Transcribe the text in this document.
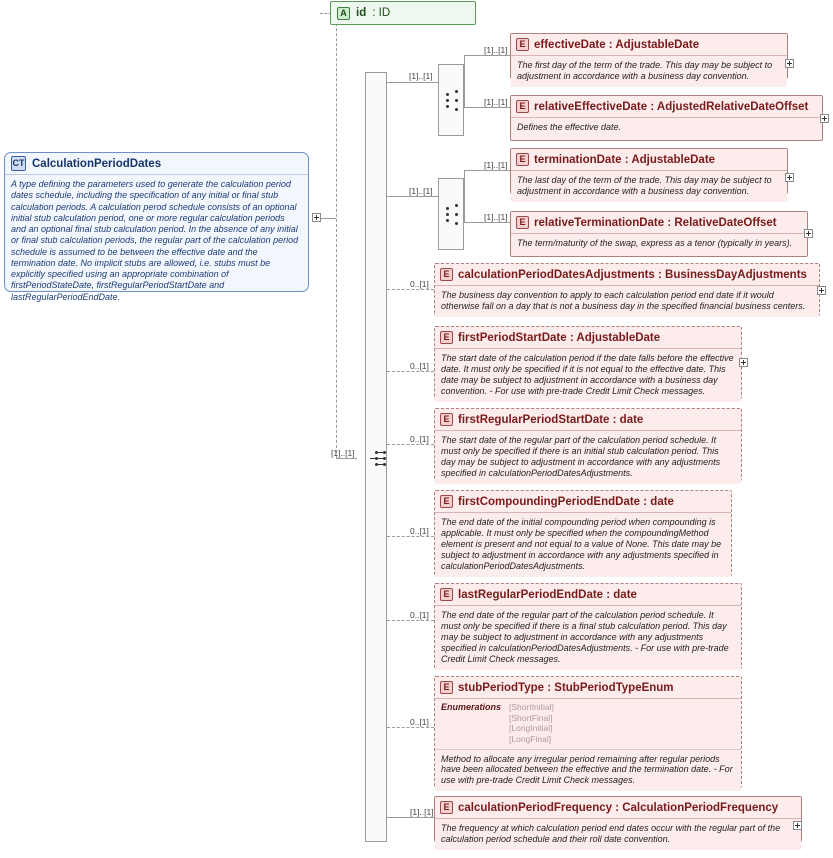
CT CalculationPeriodDates
A type defining the parameters used to generate the calculation period dates schedule, including the specification of any initial or final stub calculation periods. A calculation perod schedule consists of an optional initial stub calculation period, one or more regular calculation periods and an optional final stub calculation period. In the absence of any initial or final stub calculation periods, the regular part of the calculation period schedule is assumed to be between the effective date and the termination date. No implicit stubs are allowed, i.e. stubs must be explicitly specified using an appropriate combination of firstPeriodStateDate, firstRegularPeriodStartDate and lastRegularPeriodEndDate.
A id : ID
[1]..[1]
[1]..[1]
[1]..[1]
[1]..[1]
[1]..[1]
[1]..[1]
[1]..[1]
0..[1]
0..[1]
0..[1]
0..[1]
0..[1]
0..[1]
[1]..[1]
E effectiveDate : AdjustableDate
The first day of the term of the trade. This day may be subject to adjustment in accordance with a business day convention.
E relativeEffectiveDate : AdjustedRelativeDateOffset
Defines the effective date.
E terminationDate : AdjustableDate
The last day of the term of the trade. This day may be subject to adjustment in accordance with a business day convention.
E relativeTerminationDate : RelativeDateOffset
The term/maturity of the swap, express as a tenor (typically in years).
E calculationPeriodDatesAdjustments : BusinessDayAdjustments
The business day convention to apply to each calculation period end date if it would otherwise fall on a day that is not a business day in the specified financial business centers.
E firstPeriodStartDate : AdjustableDate
The start date of the calculation period if the date falls before the effective date. It must only be specified if it is not equal to the effective date. This date may be subject to adjustment in accordance with a business day convention. - For use with pre-trade Credit Limit Check messages.
E firstRegularPeriodStartDate : date
The start date of the regular part of the calculation period schedule. It must only be specified if there is an initial stub calculation period. This day may be subject to adjustment in accordance with any adjustments specified in calculationPeriodDatesAdjustments.
E firstCompoundingPeriodEndDate : date
The end date of the initial compounding period when compounding is applicable. It must only be specified when the compoundingMethod element is present and not equal to a value of None. This date may be subject to adjustment in accordance with any adjustments specified in calculationPeriodDatesAdjustments.
E lastRegularPeriodEndDate : date
The end date of the regular part of the calculation period schedule. It must only be specified if there is a final stub calculation period. This day may be subject to adjustment in accordance with any adjustments specified in calculationPeriodDatesAdjustments. - For use with pre-trade Credit Limit Check messages.
E stubPeriodType : StubPeriodTypeEnum
Enumerations [ShortInitial]
[ShortFinal]
[LongInitial]
[LongFinal]
Method to allocate any irregular period remaining after regular periods have been allocated between the effective and the termination date. - For use with pre-trade Credit Limit Check messages.
E calculationPeriodFrequency : CalculationPeriodFrequency
The frequency at which calculation period end dates occur with the regular part of the calculation period schedule and their roll date convention.
